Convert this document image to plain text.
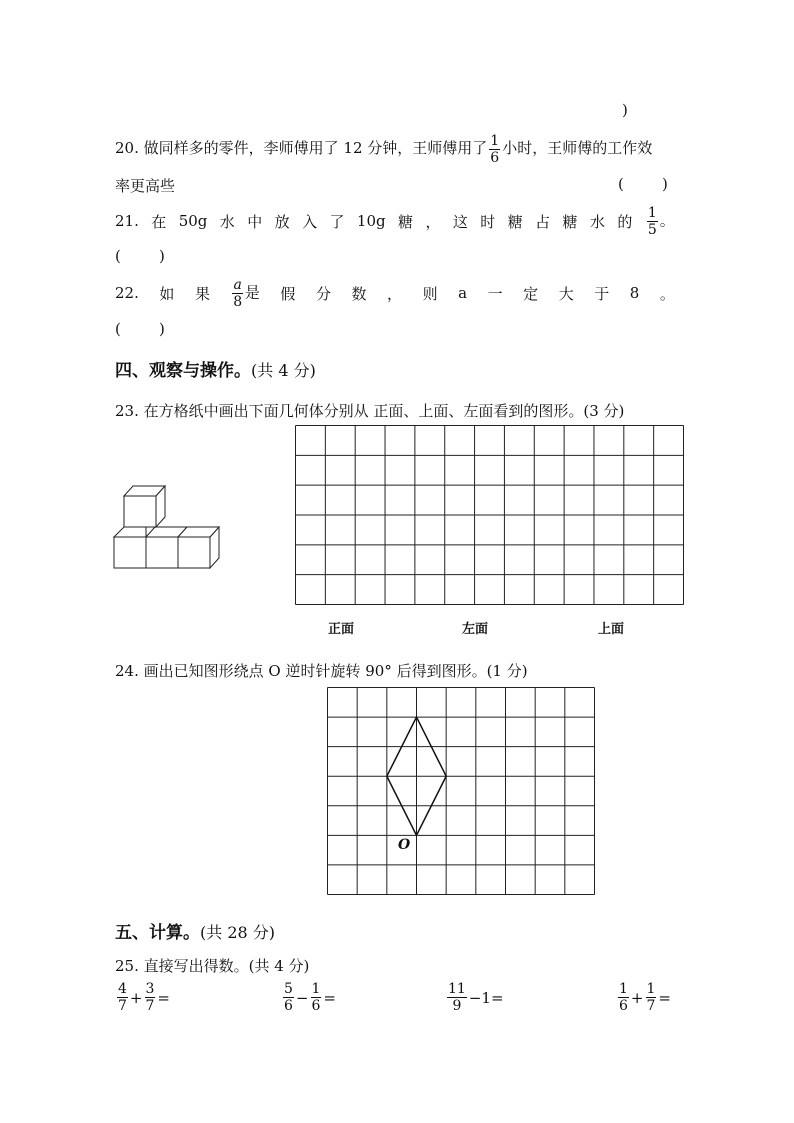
)
20. 做同样多的零件，李师傅用了 12 分钟，王师傅用了 $\frac{1}{6}$ 小时，王师傅的工作效
率更高些	(        )
21. 在 50g 水 中 放 入 了 10g 糖 ， 这 时 糖 占 糖 水 的 $\frac{1}{5}$ 。
(        )
22. 如 果 $\frac{a}{8}$ 是 假 分 数 ， 则 a 一 定 大 于 8 。
(        )
四、观察与操作。(共 4 分)
23. 在方格纸中画出下面几何体分别从 正面、上面、左面看到的图形。(3 分)
正面	左面	上面
24. 画出已知图形绕点 O 逆时针旋转 90° 后得到图形。(1 分)
O
五、计算。(共 28 分)
25. 直接写出得数。(共 4 分)
$\frac{4}{7} + \frac{3}{7}$ =	$\frac{5}{6} - \frac{1}{6}$ =	$\frac{11}{9} -1$ =	$\frac{1}{6} + \frac{1}{7}$ =
